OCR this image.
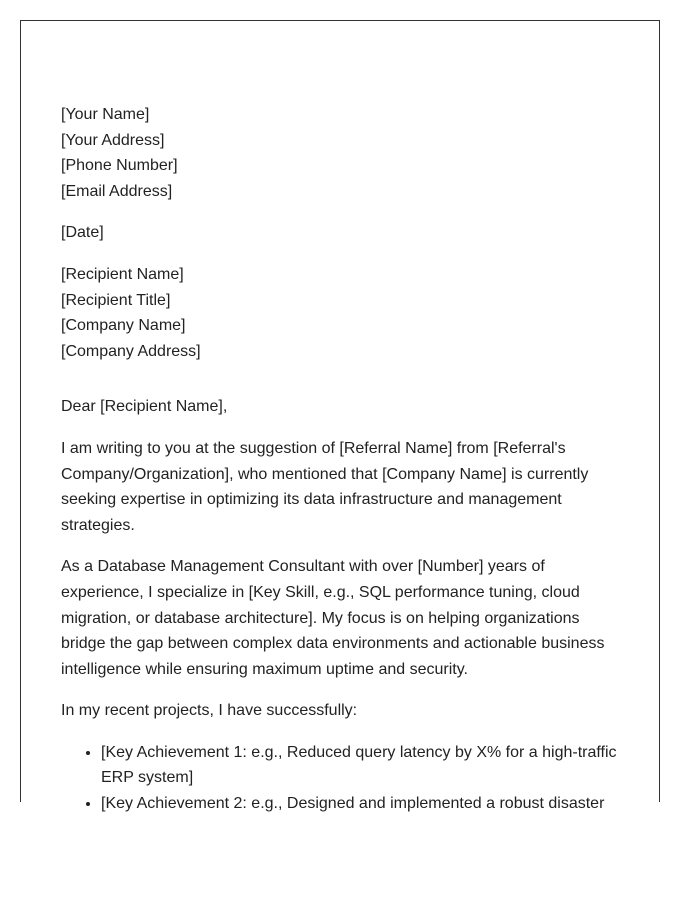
[Your Name]
[Your Address]
[Phone Number]
[Email Address]
[Date]
[Recipient Name]
[Recipient Title]
[Company Name]
[Company Address]

Dear [Recipient Name],

I am writing to you at the suggestion of [Referral Name] from [Referral's Company/Organization], who mentioned that [Company Name] is currently seeking expertise in optimizing its data infrastructure and management strategies.

As a Database Management Consultant with over [Number] years of experience, I specialize in [Key Skill, e.g., SQL performance tuning, cloud migration, or database architecture]. My focus is on helping organizations bridge the gap between complex data environments and actionable business intelligence while ensuring maximum uptime and security.

In my recent projects, I have successfully:

• [Key Achievement 1: e.g., Reduced query latency by X% for a high-traffic ERP system]
• [Key Achievement 2: e.g., Designed and implemented a robust disaster
